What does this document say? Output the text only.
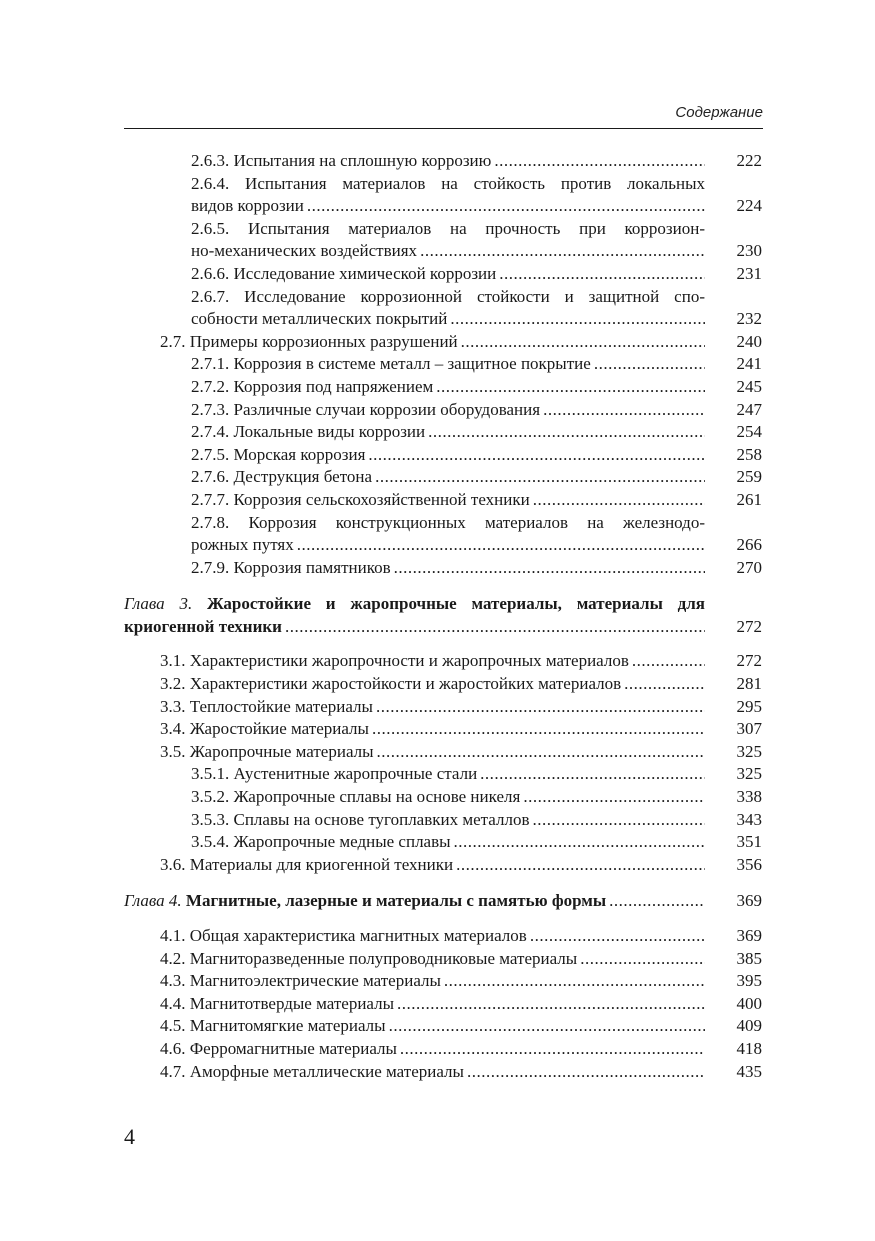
Содержание
2.6.3. Испытания на сплошную коррозию .....	222
2.6.4. Испытания материалов на стойкость против локальных
видов коррозии .....	224
2.6.5. Испытания материалов на прочность при коррозион-
но-механических воздействиях .....	230
2.6.6. Исследование химической коррозии .....	231
2.6.7. Исследование коррозионной стойкости и защитной спо-
собности металлических покрытий .....	232
2.7. Примеры коррозионных разрушений .....	240
2.7.1. Коррозия в системе металл – защитное покрытие .....	241
2.7.2. Коррозия под напряжением .....	245
2.7.3. Различные случаи коррозии оборудования .....	247
2.7.4. Локальные виды коррозии .....	254
2.7.5. Морская коррозия .....	258
2.7.6. Деструкция бетона .....	259
2.7.7. Коррозия сельскохозяйственной техники .....	261
2.7.8. Коррозия конструкционных материалов на железнодо-
рожных путях .....	266
2.7.9. Коррозия памятников .....	270
Глава 3. Жаростойкие и жаропрочные материалы, материалы для
криогенной техники .....	272
3.1. Характеристики жаропрочности и жаропрочных материалов .....	272
3.2. Характеристики жаростойкости и жаростойких материалов .....	281
3.3. Теплостойкие материалы .....	295
3.4. Жаростойкие материалы .....	307
3.5. Жаропрочные материалы .....	325
3.5.1. Аустенитные жаропрочные стали .....	325
3.5.2. Жаропрочные сплавы на основе никеля .....	338
3.5.3. Сплавы на основе тугоплавких металлов .....	343
3.5.4. Жаропрочные медные сплавы .....	351
3.6. Материалы для криогенной техники .....	356
Глава 4. Магнитные, лазерные и материалы с памятью формы .....	369
4.1. Общая характеристика магнитных материалов .....	369
4.2. Магниторазведенные полупроводниковые материалы .....	385
4.3. Магнитоэлектрические материалы .....	395
4.4. Магнитотвердые материалы .....	400
4.5. Магнитомягкие материалы .....	409
4.6. Ферромагнитные материалы .....	418
4.7. Аморфные металлические материалы .....	435
4
